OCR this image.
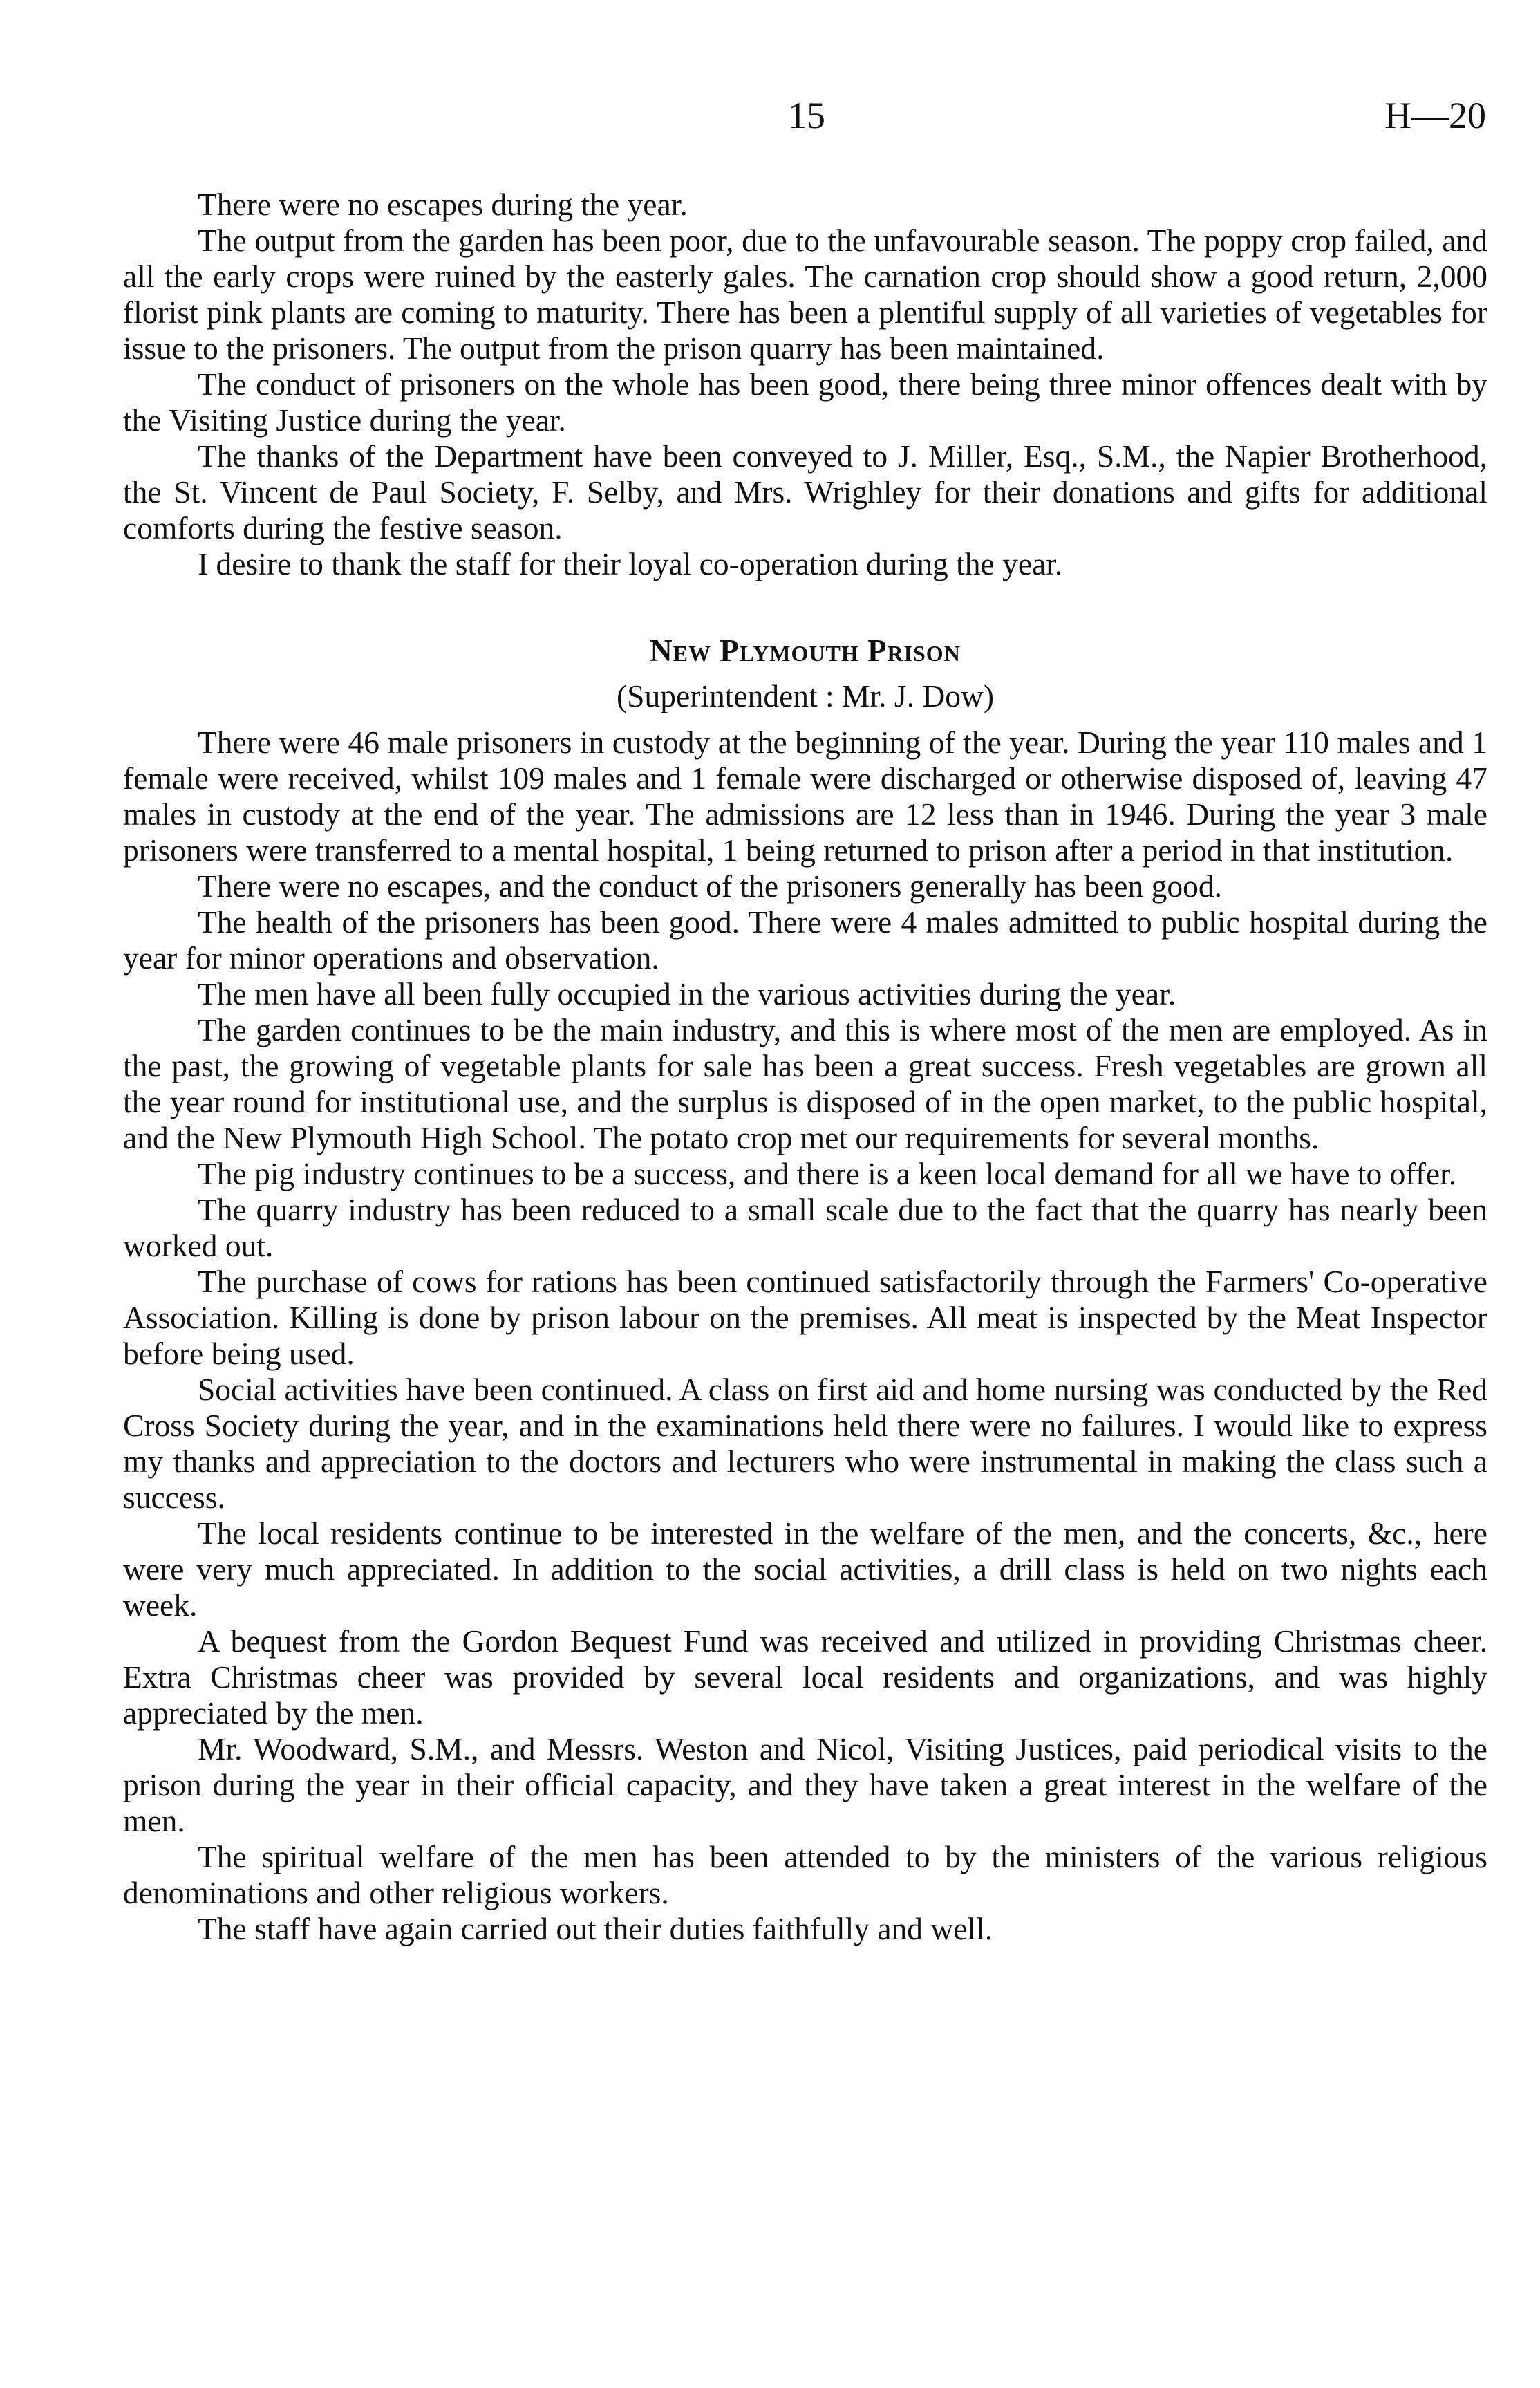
15	H—20

There were no escapes during the year.

The output from the garden has been poor, due to the unfavourable season. The poppy crop failed, and all the early crops were ruined by the easterly gales. The carnation crop should show a good return, 2,000 florist pink plants are coming to maturity. There has been a plentiful supply of all varieties of vegetables for issue to the prisoners. The output from the prison quarry has been maintained.

The conduct of prisoners on the whole has been good, there being three minor offences dealt with by the Visiting Justice during the year.

The thanks of the Department have been conveyed to J. Miller, Esq., S.M., the Napier Brotherhood, the St. Vincent de Paul Society, F. Selby, and Mrs. Wrighley for their donations and gifts for additional comforts during the festive season.

I desire to thank the staff for their loyal co-operation during the year.

New Plymouth Prison
(Superintendent : Mr. J. Dow)

There were 46 male prisoners in custody at the beginning of the year. During the year 110 males and 1 female were received, whilst 109 males and 1 female were discharged or otherwise disposed of, leaving 47 males in custody at the end of the year. The admissions are 12 less than in 1946. During the year 3 male prisoners were transferred to a mental hospital, 1 being returned to prison after a period in that institution.

There were no escapes, and the conduct of the prisoners generally has been good.

The health of the prisoners has been good. There were 4 males admitted to public hospital during the year for minor operations and observation.

The men have all been fully occupied in the various activities during the year.

The garden continues to be the main industry, and this is where most of the men are employed. As in the past, the growing of vegetable plants for sale has been a great success. Fresh vegetables are grown all the year round for institutional use, and the surplus is disposed of in the open market, to the public hospital, and the New Plymouth High School. The potato crop met our requirements for several months.

The pig industry continues to be a success, and there is a keen local demand for all we have to offer.

The quarry industry has been reduced to a small scale due to the fact that the quarry has nearly been worked out.

The purchase of cows for rations has been continued satisfactorily through the Farmers' Co-operative Association. Killing is done by prison labour on the premises. All meat is inspected by the Meat Inspector before being used.

Social activities have been continued. A class on first aid and home nursing was conducted by the Red Cross Society during the year, and in the examinations held there were no failures. I would like to express my thanks and appreciation to the doctors and lecturers who were instrumental in making the class such a success.

The local residents continue to be interested in the welfare of the men, and the concerts, &c., here were very much appreciated. In addition to the social activities, a drill class is held on two nights each week.

A bequest from the Gordon Bequest Fund was received and utilized in providing Christmas cheer. Extra Christmas cheer was provided by several local residents and organizations, and was highly appreciated by the men.

Mr. Woodward, S.M., and Messrs. Weston and Nicol, Visiting Justices, paid periodical visits to the prison during the year in their official capacity, and they have taken a great interest in the welfare of the men.

The spiritual welfare of the men has been attended to by the ministers of the various religious denominations and other religious workers.

The staff have again carried out their duties faithfully and well.
